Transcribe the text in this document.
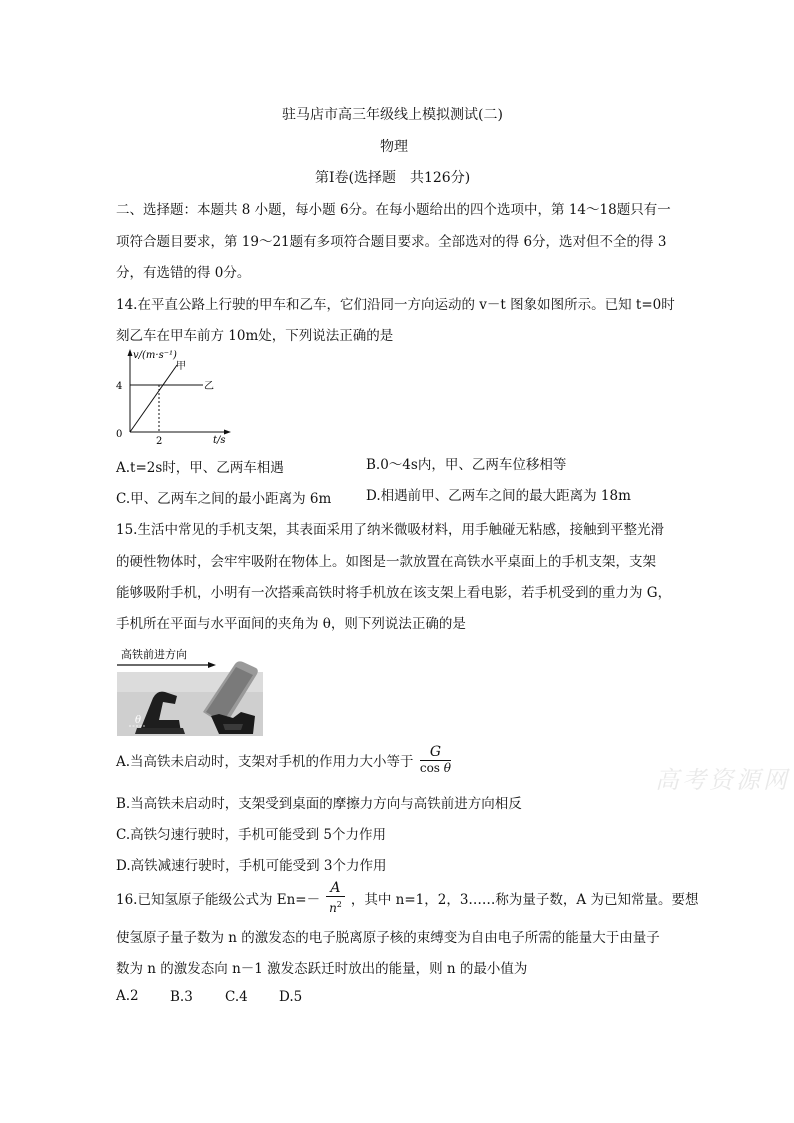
驻马店市高三年级线上模拟测试(二)
物理
第Ⅰ卷(选择题　共126分)
二、选择题：本题共 8 小题，每小题 6分。在每小题给出的四个选项中，第 14～18题只有一
项符合题目要求，第 19～21题有多项符合题目要求。全部选对的得 6分，选对但不全的得 3
分，有选错的得 0分。
14.在平直公路上行驶的甲车和乙车，它们沿同一方向运动的 v－t 图象如图所示。已知 t=0时
刻乙车在甲车前方 10m处，下列说法正确的是
v/(m·s⁻¹)
甲
乙
4
2
0
t/s
A.t=2s时，甲、乙两车相遇	B.0～4s内，甲、乙两车位移相等
C.甲、乙两车之间的最小距离为 6m	D.相遇前甲、乙两车之间的最大距离为 18m
15.生活中常见的手机支架，其表面采用了纳米微吸材料，用手触碰无粘感，接触到平整光滑
的硬性物体时，会牢牢吸附在物体上。如图是一款放置在高铁水平桌面上的手机支架，支架
能够吸附手机，小明有一次搭乘高铁时将手机放在该支架上看电影，若手机受到的重力为 G，
手机所在平面与水平面间的夹角为 θ，则下列说法正确的是
高铁前进方向
θ
A.当高铁未启动时，支架对手机的作用力大小等于 $\frac{G}{\text{cos θ}}$
B.当高铁未启动时，支架受到桌面的摩擦力方向与高铁前进方向相反
C.高铁匀速行驶时，手机可能受到 5个力作用
D.高铁减速行驶时，手机可能受到 3个力作用
16.已知氢原子能级公式为 $En=- \frac{A}{n^2}$ ，其中 n=1，2，3……称为量子数，A 为已知常量。要想
使氢原子量子数为 n 的激发态的电子脱离原子核的束缚变为自由电子所需的能量大于由量子
数为 n 的激发态向 n－1 激发态跃迁时放出的能量，则 n 的最小值为
A.2 B.3 C.4 D.5
高考资源网
